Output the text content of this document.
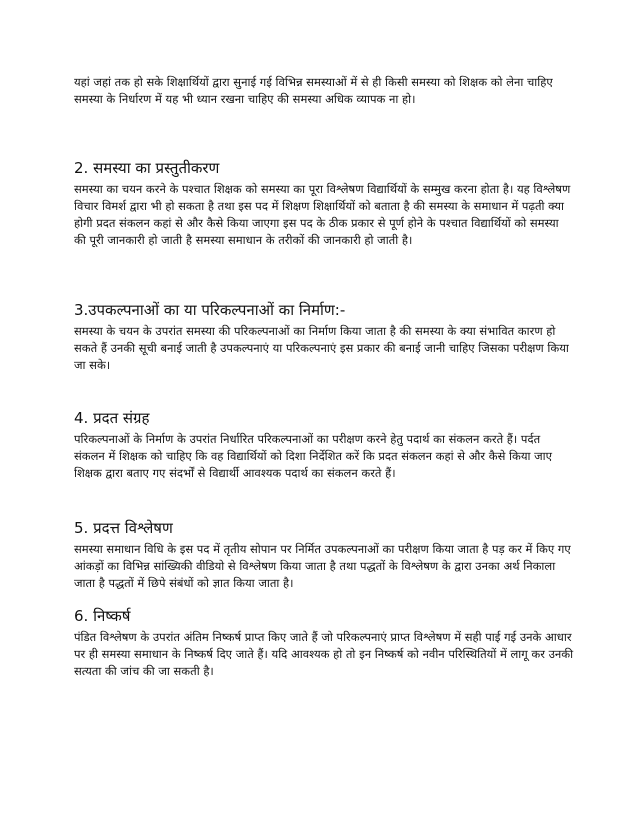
यहां जहां तक हो सके शिक्षार्थियों द्वारा सुनाई गई विभिन्न समस्याओं में से ही किसी समस्या को शिक्षक को लेना चाहिए समस्या के निर्धारण में यह भी ध्यान रखना चाहिए की समस्या अधिक व्यापक ना हो।

2. समस्या का प्रस्तुतीकरण

समस्या का चयन करने के पश्चात शिक्षक को समस्या का पूरा विश्लेषण विद्यार्थियों के सम्मुख करना होता है। यह विश्लेषण विचार विमर्श द्वारा भी हो सकता है तथा इस पद में शिक्षण शिक्षार्थियों को बताता है की समस्या के समाधान में पढ़ती क्या होगी प्रदत संकलन कहां से और कैसे किया जाएगा इस पद के ठीक प्रकार से पूर्ण होने के पश्चात विद्यार्थियों को समस्या की पूरी जानकारी हो जाती है समस्या समाधान के तरीकों की जानकारी हो जाती है।

3.उपकल्पनाओं का या परिकल्पनाओं का निर्माण:-

समस्या के चयन के उपरांत समस्या की परिकल्पनाओं का निर्माण किया जाता है की समस्या के क्या संभावित कारण हो सकते हैं उनकी सूची बनाई जाती है उपकल्पनाएं या परिकल्पनाएं इस प्रकार की बनाई जानी चाहिए जिसका परीक्षण किया जा सके।

4. प्रदत संग्रह

परिकल्पनाओं के निर्माण के उपरांत निर्धारित परिकल्पनाओं का परीक्षण करने हेतु पदार्थ का संकलन करते हैं। पर्दत संकलन में शिक्षक को चाहिए कि वह विद्यार्थियों को दिशा निर्देशित करें कि प्रदत संकलन कहां से और कैसे किया जाए शिक्षक द्वारा बताए गए संदर्भों से विद्यार्थी आवश्यक पदार्थ का संकलन करते हैं।

5. प्रदत्त विश्लेषण

समस्या समाधान विधि के इस पद में तृतीय सोपान पर निर्मित उपकल्पनाओं का परीक्षण किया जाता है पड़ कर में किए गए आंकड़ों का विभिन्न सांख्यिकी वीडियो से विश्लेषण किया जाता है तथा पद्धतों के विश्लेषण के द्वारा उनका अर्थ निकाला जाता है पद्धतों में छिपे संबंधों को ज्ञात किया जाता है।

6. निष्कर्ष

पंडित विश्लेषण के उपरांत अंतिम निष्कर्ष प्राप्त किए जाते हैं जो परिकल्पनाएं प्राप्त विश्लेषण में सही पाई गई उनके आधार पर ही समस्या समाधान के निष्कर्ष दिए जाते हैं। यदि आवश्यक हो तो इन निष्कर्ष को नवीन परिस्थितियों में लागू कर उनकी सत्यता की जांच की जा सकती है।
